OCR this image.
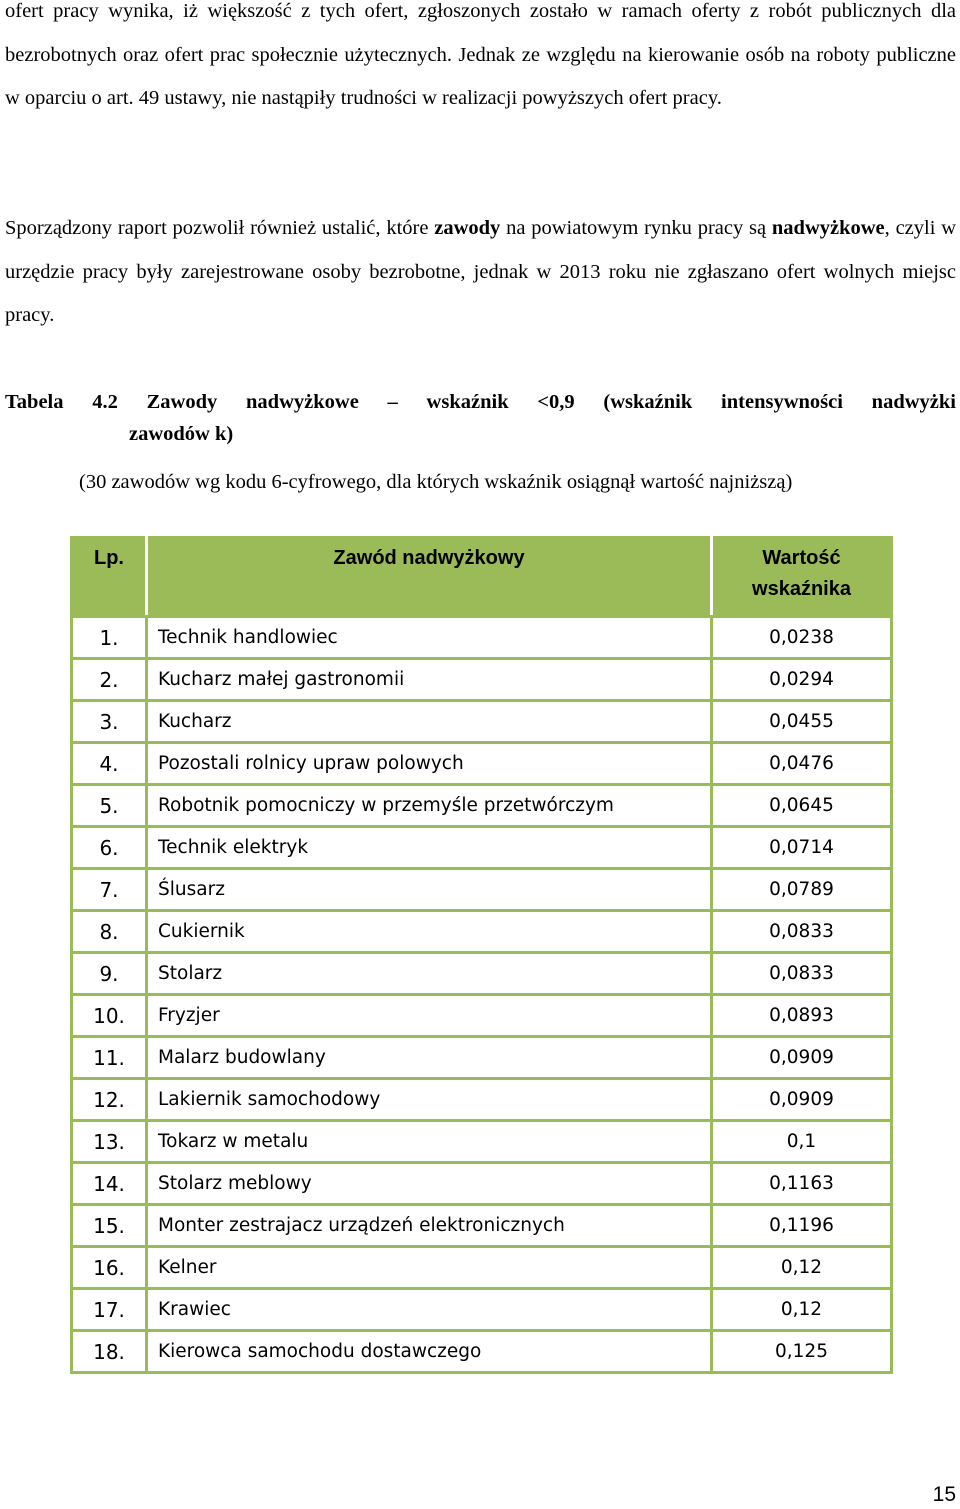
ofert pracy wynika, iż większość z tych ofert, zgłoszonych zostało w ramach oferty z robót publicznych dla bezrobotnych oraz ofert prac społecznie użytecznych. Jednak ze względu na kierowanie osób na roboty publiczne w oparciu o art. 49 ustawy, nie nastąpiły trudności w realizacji powyższych ofert pracy.
Sporządzony raport pozwolił również ustalić, które zawody na powiatowym rynku pracy są nadwyżkowe, czyli w urzędzie pracy były zarejestrowane osoby bezrobotne, jednak w 2013 roku nie zgłaszano ofert wolnych miejsc pracy.
Tabela 4.2 Zawody nadwyżkowe – wskaźnik <0,9 (wskaźnik intensywności nadwyżki
zawodów k)
(30 zawodów wg kodu 6-cyfrowego, dla których wskaźnik osiągnął wartość najniższą)
Lp.	Zawód nadwyżkowy	Wartość
wskaźnika
1.	Technik handlowiec	0,0238
2.	Kucharz małej gastronomii	0,0294
3.	Kucharz	0,0455
4.	Pozostali rolnicy upraw polowych	0,0476
5.	Robotnik pomocniczy w przemyśle przetwórczym	0,0645
6.	Technik elektryk	0,0714
7.	Ślusarz	0,0789
8.	Cukiernik	0,0833
9.	Stolarz	0,0833
10.	Fryzjer	0,0893
11.	Malarz budowlany	0,0909
12.	Lakiernik samochodowy	0,0909
13.	Tokarz w metalu	0,1
14.	Stolarz meblowy	0,1163
15.	Monter zestrajacz urządzeń elektronicznych	0,1196
16.	Kelner	0,12
17.	Krawiec	0,12
18.	Kierowca samochodu dostawczego	0,125
15
